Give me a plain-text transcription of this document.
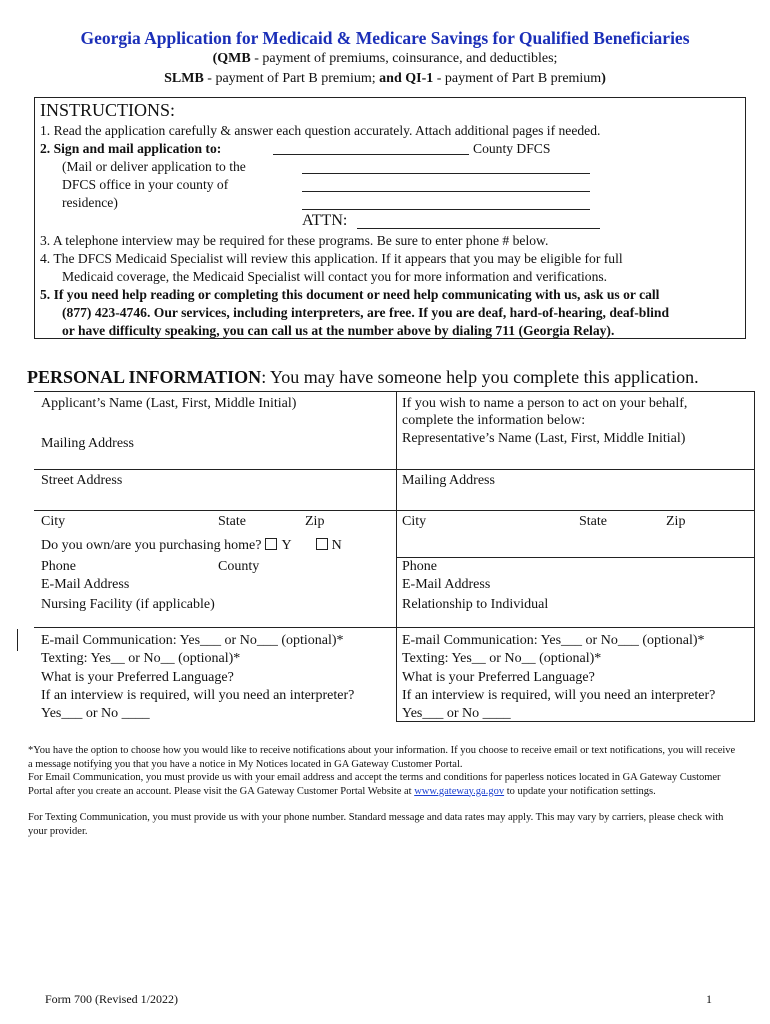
Georgia Application for Medicaid & Medicare Savings for Qualified Beneficiaries
(QMB - payment of premiums, coinsurance, and deductibles;
SLMB - payment of Part B premium; and QI-1 - payment of Part B premium)
INSTRUCTIONS:
1. Read the application carefully & answer each question accurately. Attach additional pages if needed.
2. Sign and mail application to:
(Mail or deliver application to the
DFCS office in your county of
residence)
County DFCS
ATTN:
3. A telephone interview may be required for these programs. Be sure to enter phone # below.
4. The DFCS Medicaid Specialist will review this application. If it appears that you may be eligible for full
Medicaid coverage, the Medicaid Specialist will contact you for more information and verifications.
5. If you need help reading or completing this document or need help communicating with us, ask us or call
(877) 423-4746. Our services, including interpreters, are free. If you are deaf, hard-of-hearing, deaf-blind
or have difficulty speaking, you can call us at the number above by dialing 711 (Georgia Relay).
PERSONAL INFORMATION: You may have someone help you complete this application.
Applicant’s Name (Last, First, Middle Initial)
Mailing Address
Street Address
City	State	Zip
Do you own/are you purchasing home? Y	N
Phone	County
E-Mail Address
Nursing Facility (if applicable)
E-mail Communication: Yes___ or No___ (optional)*
Texting: Yes__ or No__ (optional)*
What is your Preferred Language?
If an interview is required, will you need an interpreter?
Yes___ or No ____
If you wish to name a person to act on your behalf,
complete the information below:
Representative’s Name (Last, First, Middle Initial)
Mailing Address
City	State	Zip
Phone
E-Mail Address
Relationship to Individual
E-mail Communication: Yes___ or No___ (optional)*
Texting: Yes__ or No__ (optional)*
What is your Preferred Language?
If an interview is required, will you need an interpreter?
Yes___ or No ____
*You have the option to choose how you would like to receive notifications about your information. If you choose to receive email or text notifications, you will receive a message notifying you that you have a notice in My Notices located in GA Gateway Customer Portal.
For Email Communication, you must provide us with your email address and accept the terms and conditions for paperless notices located in GA Gateway Customer Portal after you create an account. Please visit the GA Gateway Customer Portal Website at www.gateway.ga.gov to update your notification settings.
For Texting Communication, you must provide us with your phone number. Standard message and data rates may apply. This may vary by carriers, please check with your provider.
Form 700 (Revised 1/2022)	1
